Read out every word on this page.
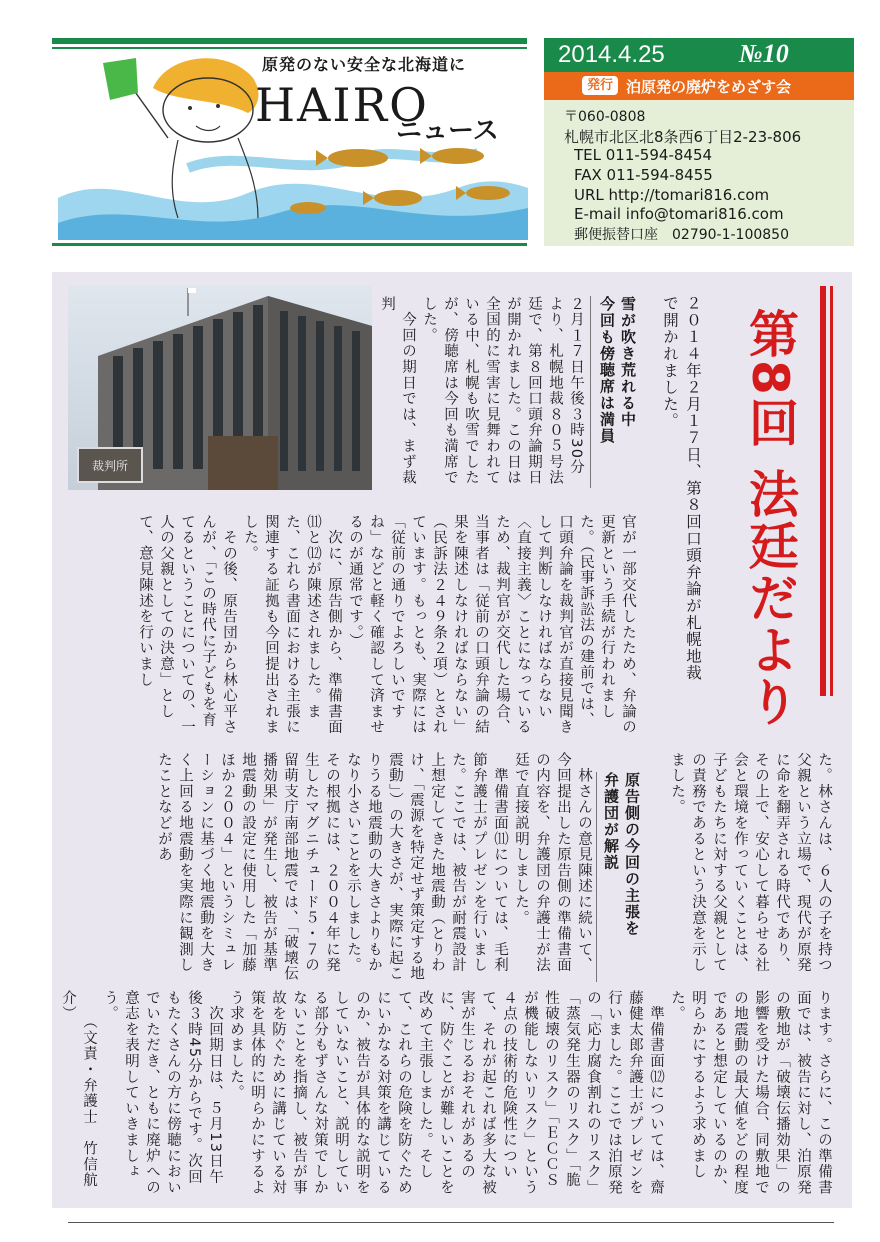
原発のない安全な北海道に
HAIRO
ニュース
2014.4.25	№10
発行 泊原発の廃炉をめざす会
〒060-0808
札幌市北区北8条西6丁目2-23-806
TEL 011-594-8454
FAX 011-594-8455
URL http://tomari816.com
E-mail info@tomari816.com
郵便振替口座　02790-1-100850
裁判所	第8回 法廷だより

２０１４年２月１７日、第８回口頭弁論が札幌地裁で開かれました。

雪が吹き荒れる中
今回も傍聴席は満員

２月１７日午後３時30分より、札幌地裁８０５号法廷で、第８回口頭弁論期日が開かれました。この日は全国的に雪害に見舞われている中、札幌も吹雪でしたが、傍聴席は今回も満席でした。
　今回の期日では、まず裁判

官が一部交代したため、弁論の更新という手続が行われました。（民事訴訟法の建前では、口頭弁論を裁判官が直接見聞きして判断しなければならない〈直接主義〉ことになっているため、裁判官が交代した場合、当事者は「従前の口頭弁論の結果を陳述しなければならない」（民訴法２４９条２項）とされています。もっとも、実際には「従前の通りでよろしいですね」などと軽く確認して済ませるのが通常です。）
　次に、原告側から、準備書面⑾と⑿が陳述されました。また、これら書面における主張に関連する証拠も今回提出されました。
　その後、原告団から林心平さんが、「この時代に子どもを育てるということについての、一人の父親としての決意」として、意見陳述を行いまし

た。林さんは、６人の子を持つ父親という立場で、現代が原発に命を翻弄される時代であり、その上で、安心して暮らせる社会と環境を作っていくことは、子どもたちに対する父親としての責務であるという決意を示しました。

原告側の今回の主張を
弁護団が解説

　林さんの意見陳述に続いて、今回提出した原告側の準備書面の内容を、弁護団の弁護士が法廷で直接説明しました。
　準備書面⑾については、毛利節弁護士がプレゼンを行いました。ここでは、被告が耐震設計上想定してきた地震動（とりわけ、「震源を特定せず策定する地震動」）の大きさが、実際に起こりうる地震動の大きさよりもかなり小さいことを示しました。その根拠には、２００４年に発生したマグニチュード５・７の留萌支庁南部地震では、「破壊伝播効果」が発生し、被告が基準地震動の設定に使用した「加藤ほか２００４」というシミュレーションに基づく地震動を大きく上回る地震動を実際に観測したことなどがあ

ります。さらに、この準備書面では、被告に対し、泊原発の敷地が「破壊伝播効果」の影響を受けた場合、同敷地での地震動の最大値をどの程度であると想定しているのか、明らかにするよう求めました。
　準備書面⑿については、齋藤健太郎弁護士がプレゼンを行いました。ここでは泊原発の「応力腐食割れのリスク」「蒸気発生器のリスク」「脆性破壊のリスク」「ＥＣＣＳが機能しないリスク」という４点の技術的危険性について、それが起これば多大な被害が生じるおそれがあるのに、防ぐことが難しいことを改めて主張しました。そして、これらの危険を防ぐためにいかなる対策を講じているのか、被告が具体的な説明をしていないこと、説明している部分もずさんな対策でしかないことを指摘し、被告が事故を防ぐために講じている対策を具体的に明らかにするよう求めました。
　次回期日は、５月13日午後３時45分からです。次回もたくさんの方に傍聴においでいただき、ともに廃炉への意志を表明していきましょう。
　　（文責・弁護士　竹信航介）
